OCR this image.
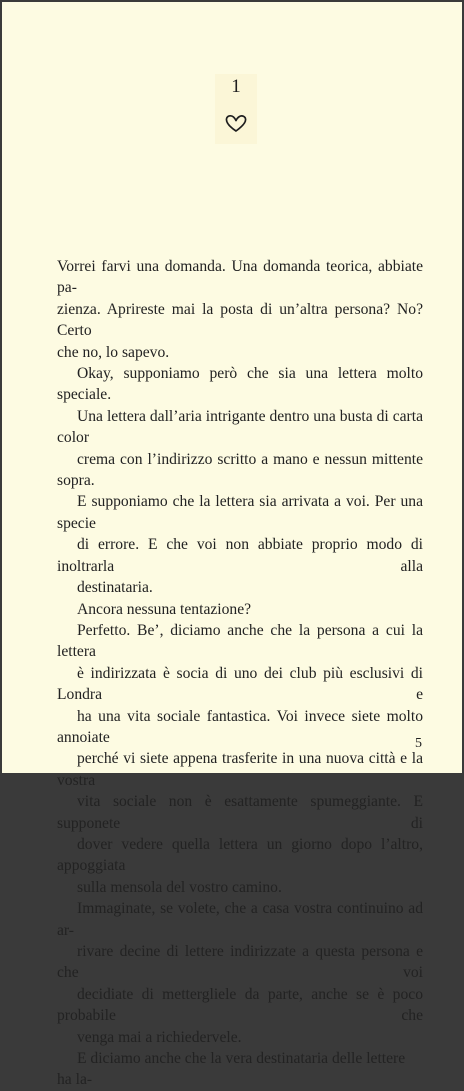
1

Vorrei farvi una domanda. Una domanda teorica, abbiate pa-
zienza. Aprireste mai la posta di un’altra persona? No? Certo
che no, lo sapevo.

Okay, supponiamo però che sia una lettera molto speciale.
Una lettera dall’aria intrigante dentro una busta di carta color
crema con l’indirizzo scritto a mano e nessun mittente sopra.
E supponiamo che la lettera sia arrivata a voi. Per una specie
di errore. E che voi non abbiate proprio modo di inoltrarla alla
destinataria.

Ancora nessuna tentazione?

Perfetto. Be’, diciamo anche che la persona a cui la lettera
è indirizzata è socia di uno dei club più esclusivi di Londra e
ha una vita sociale fantastica. Voi invece siete molto annoiate
perché vi siete appena trasferite in una nuova città e la vostra
vita sociale non è esattamente spumeggiante. E supponete di
dover vedere quella lettera un giorno dopo l’altro, appoggiata
sulla mensola del vostro camino.

Immaginate, se volete, che a casa vostra continuino ad ar-
rivare decine di lettere indirizzate a questa persona e che voi
decidiate di mettergliele da parte, anche se è poco probabile che
venga mai a richiedervele.

E diciamo anche che la vera destinataria delle lettere ha la-

5
